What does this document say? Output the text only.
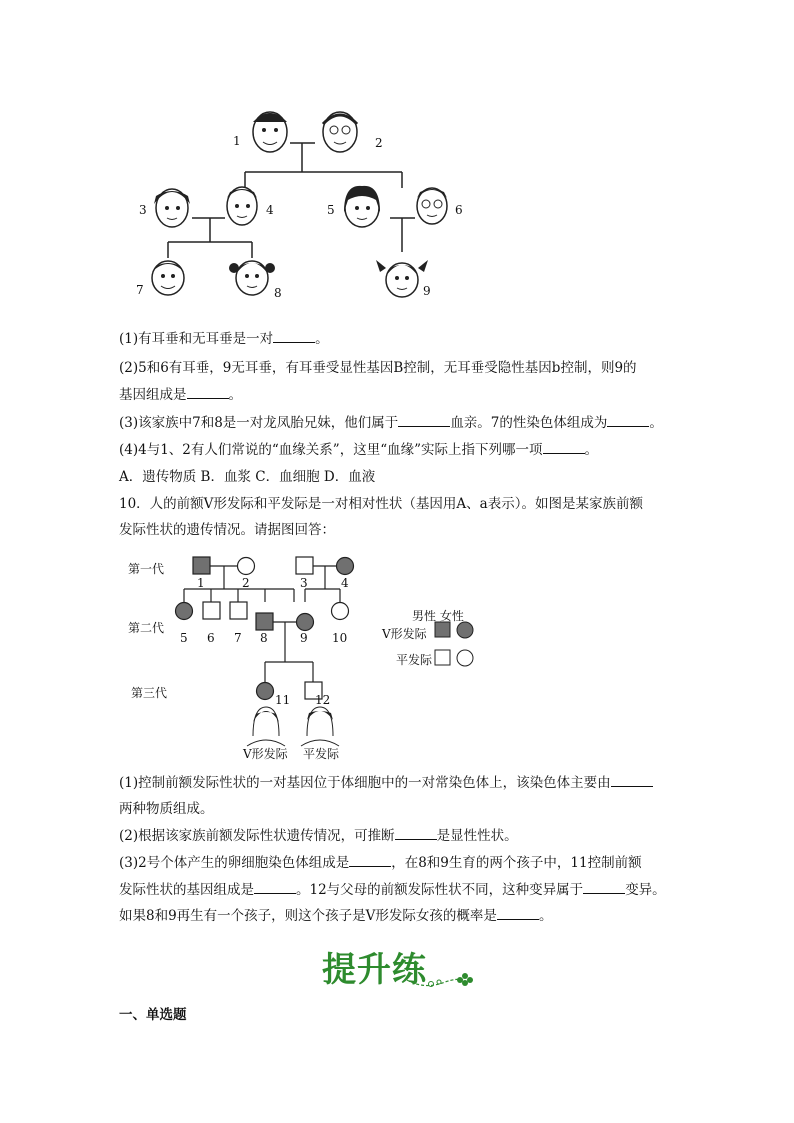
1	2
3	4	5	6
7	8	9
(1)有耳垂和无耳垂是一对	。
(2)5和6有耳垂，9无耳垂，有耳垂受显性基因B控制，无耳垂受隐性基因b控制，则9的
基因组成是	。
(3)该家族中7和8是一对龙凤胎兄妹，他们属于	血亲。7的性染色体组成为	。
(4)4与1、2有人们常说的“血缘关系”，这里“血缘”实际上指下列哪一项	。
A．遗传物质 B．血浆 C．血细胞 D．血液
10．人的前额V形发际和平发际是一对相对性状（基因用A、a表示）。如图是某家族前额
发际性状的遗传情况。请据图回答：
第一代
第二代
第三代
1	2	3	4
5 6 7 8	9 10
11 12
男性 女性
V形发际
平发际
V形发际 平发际
(1)控制前额发际性状的一对基因位于体细胞中的一对常染色体上，该染色体主要由
两种物质组成。
(2)根据该家族前额发际性状遗传情况，可推断	是显性性状。
(3)2号个体产生的卵细胞染色体组成是	，在8和9生育的两个孩子中，11控制前额
发际性状的基因组成是	。12与父母的前额发际性状不同，这种变异属于	变异。
如果8和9再生有一个孩子，则这个孩子是V形发际女孩的概率是	。
提升练
一、单选题
